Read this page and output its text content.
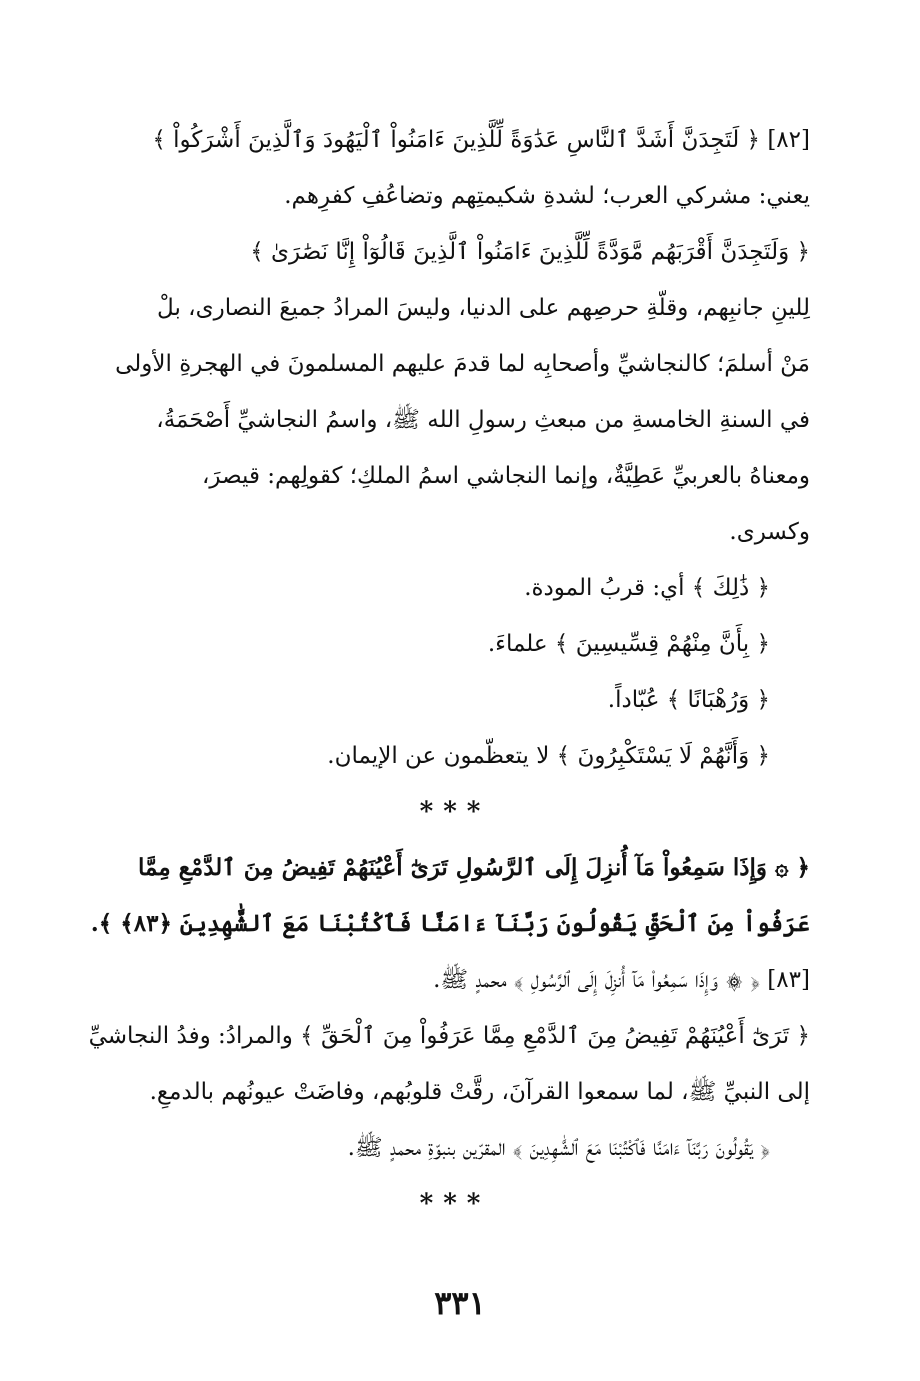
[٨٢] ﴿ لَتَجِدَنَّ أَشَدَّ ٱلنَّاسِ عَدَٰوَةً لِّلَّذِينَ ءَامَنُواْ ٱلْيَهُودَ وَٱلَّذِينَ أَشْرَكُواْ ﴾
يعني: مشركي العرب؛ لشدةِ شكيمتِهم وتضاعُفِ كفرِهم.
﴿ وَلَتَجِدَنَّ أَقْرَبَهُم مَّوَدَّةً لِّلَّذِينَ ءَامَنُواْ ٱلَّذِينَ قَالُوٓاْ إِنَّا نَصَٰرَىٰ ﴾
لِلينِ جانبِهم، وقلّةِ حرصِهم على الدنيا، وليسَ المرادُ جميعَ النصارى، بلْ
مَنْ أسلمَ؛ كالنجاشيِّ وأصحابِه لما قدمَ عليهم المسلمونَ في الهجرةِ الأولى
في السنةِ الخامسةِ من مبعثِ رسولِ الله ﷺ، واسمُ النجاشيِّ أَصْحَمَةُ،
ومعناهُ بالعربيِّ عَطِيَّةٌ، وإنما النجاشي اسمُ الملكِ؛ كقولِهم: قيصرَ،
وكسرى.
﴿ ذَٰلِكَ ﴾ أي: قربُ المودة.
﴿ بِأَنَّ مِنْهُمْ قِسِّيسِينَ ﴾ علماءَ.
﴿ وَرُهْبَانًا ﴾ عُبّاداً.
﴿ وَأَنَّهُمْ لَا يَسْتَكْبِرُونَ ﴾ لا يتعظّمون عن الإيمان.
***
﴿ ۞ وَإِذَا سَمِعُواْ مَآ أُنزِلَ إِلَى ٱلرَّسُولِ تَرَىٰٓ أَعْيُنَهُمْ تَفِيضُ مِنَ ٱلدَّمْعِ مِمَّا
عَرَفُواْ مِنَ ٱلْحَقِّ يَقُولُونَ رَبَّنَآ ءَامَنَّا فَٱكْتُبْنَا مَعَ ٱلشَّٰهِدِينَ ﴿٨٣﴾ ﴾.
[٨٣] ﴿ ۞ وَإِذَا سَمِعُواْ مَآ أُنزِلَ إِلَى ٱلرَّسُولِ ﴾ محمدٍ ﷺ.
﴿ تَرَىٰٓ أَعْيُنَهُمْ تَفِيضُ مِنَ ٱلدَّمْعِ مِمَّا عَرَفُواْ مِنَ ٱلْحَقِّ ﴾ والمرادُ: وفدُ النجاشيِّ
إلى النبيِّ ﷺ، لما سمعوا القرآنَ، رقَّتْ قلوبُهم، وفاضَتْ عيونُهم بالدمعِ.
﴿ يَقُولُونَ رَبَّنَآ ءَامَنَّا فَٱكْتُبْنَا مَعَ ٱلشَّٰهِدِينَ ﴾ المقرّين بنبوّةِ محمدٍ ﷺ.
***
٣٣١
